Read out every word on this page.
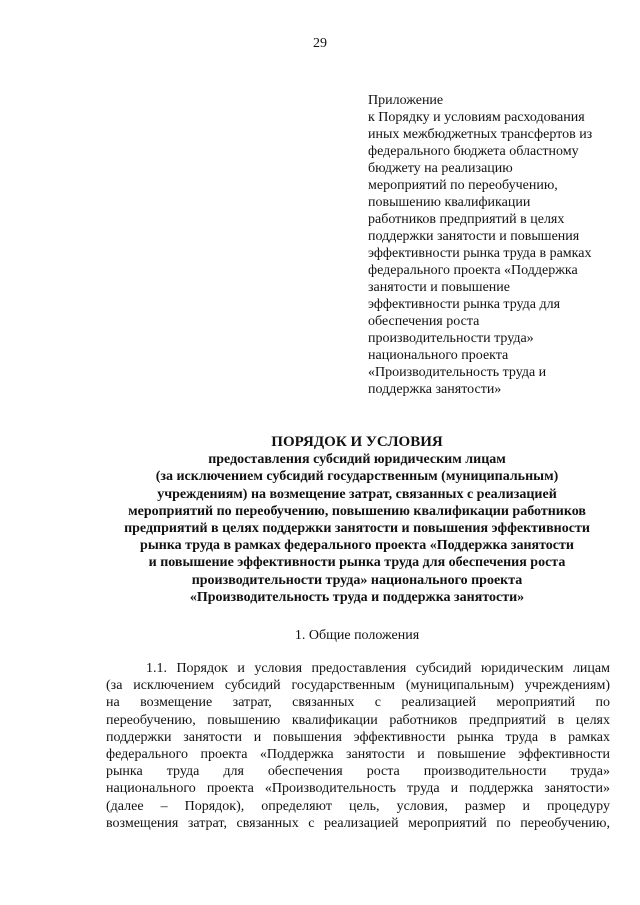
29
Приложение
к Порядку и условиям расходования
иных межбюджетных трансфертов из
федерального бюджета областному
бюджету на реализацию
мероприятий по переобучению,
повышению квалификации
работников предприятий в целях
поддержки занятости и повышения
эффективности рынка труда в рамках
федерального проекта «Поддержка
занятости и повышение
эффективности рынка труда для
обеспечения роста
производительности труда»
национального проекта
«Производительность труда и
поддержка занятости»
ПОРЯДОК И УСЛОВИЯ
предоставления субсидий юридическим лицам
(за исключением субсидий государственным (муниципальным)
учреждениям) на возмещение затрат, связанных с реализацией
мероприятий по переобучению, повышению квалификации работников
предприятий в целях поддержки занятости и повышения эффективности
рынка труда в рамках федерального проекта «Поддержка занятости
и повышение эффективности рынка труда для обеспечения роста
производительности труда» национального проекта
«Производительность труда и поддержка занятости»
1. Общие положения
1.1. Порядок и условия предоставления субсидий юридическим лицам
(за исключением субсидий государственным (муниципальным) учреждениям)
на возмещение затрат, связанных с реализацией мероприятий по
переобучению, повышению квалификации работников предприятий в целях
поддержки занятости и повышения эффективности рынка труда в рамках
федерального проекта «Поддержка занятости и повышение эффективности
рынка труда для обеспечения роста производительности труда»
национального проекта «Производительность труда и поддержка занятости»
(далее – Порядок), определяют цель, условия, размер и процедуру
возмещения затрат, связанных с реализацией мероприятий по переобучению,
